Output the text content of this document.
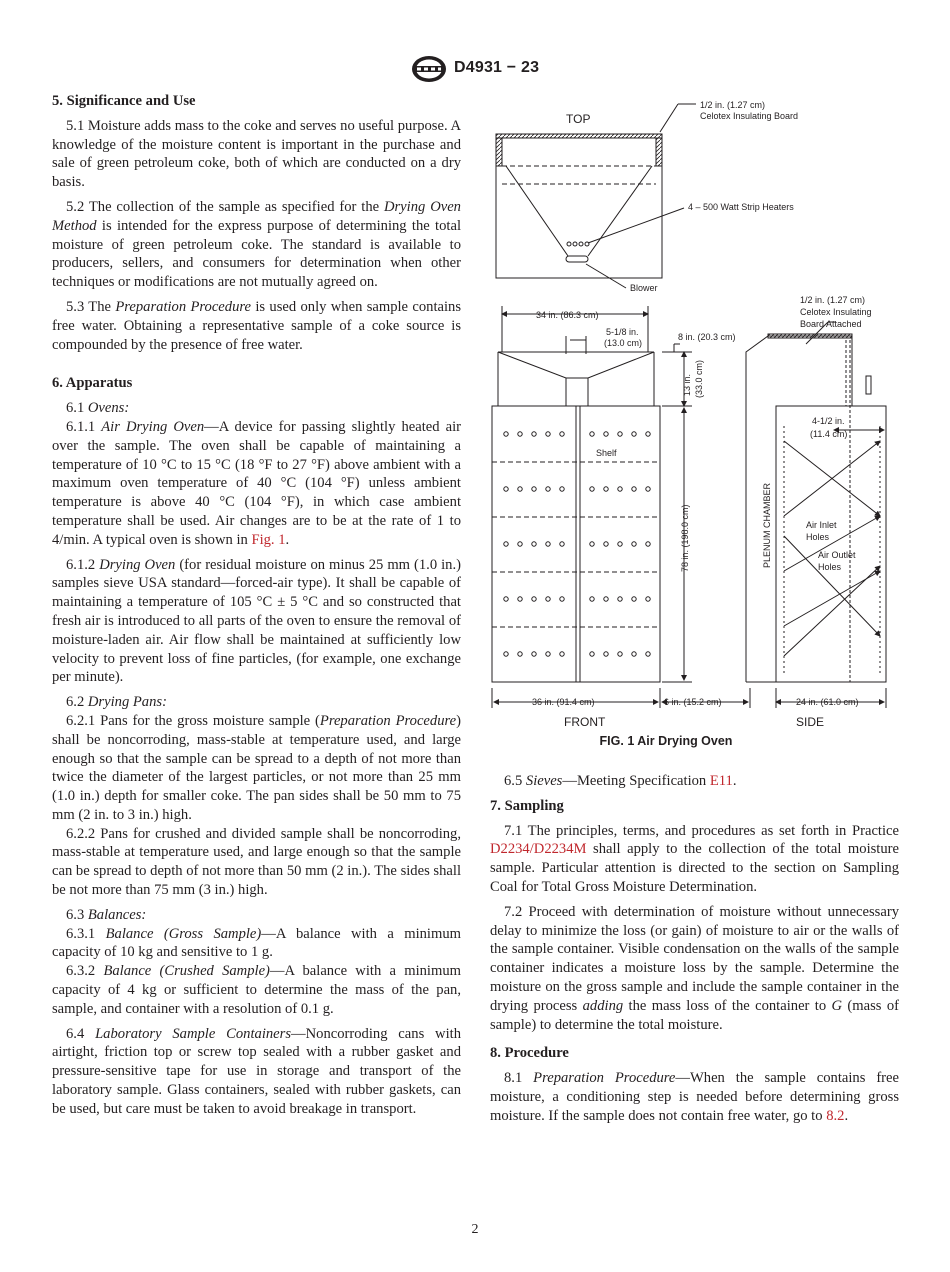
D4931 − 23
5. Significance and Use

5.1 Moisture adds mass to the coke and serves no useful purpose. A knowledge of the moisture content is important in the purchase and sale of green petroleum coke, both of which are conducted on a dry basis.

5.2 The collection of the sample as specified for the Drying Oven Method is intended for the express purpose of determining the total moisture of green petroleum coke. The standard is available to producers, sellers, and consumers for determination when other techniques or modifications are not mutually agreed on.

5.3 The Preparation Procedure is used only when sample contains free water. Obtaining a representative sample of a coke source is compounded by the presence of free water.

6. Apparatus

6.1 Ovens:

6.1.1 Air Drying Oven—A device for passing slightly heated air over the sample. The oven shall be capable of maintaining a temperature of 10 °C to 15 °C (18 °F to 27 °F) above ambient with a maximum oven temperature of 40 °C (104 °F) unless ambient temperature is above 40 °C (104 °F), in which case ambient temperature shall be used. Air changes are to be at the rate of 1 to 4/min. A typical oven is shown in Fig. 1.

6.1.2 Drying Oven (for residual moisture on minus 25 mm (1.0 in.) samples sieve USA standard—forced-air type). It shall be capable of maintaining a temperature of 105 °C ± 5 °C and so constructed that fresh air is introduced to all parts of the oven to ensure the removal of moisture-laden air. Air flow shall be maintained at sufficiently low velocity to prevent loss of fine particles, (for example, one exchange per minute).

6.2 Drying Pans:

6.2.1 Pans for the gross moisture sample (Preparation Procedure) shall be noncorroding, mass-stable at temperature used, and large enough so that the sample can be spread to a depth of not more than twice the diameter of the largest particles, or not more than 25 mm (1.0 in.) depth for smaller coke. The pan sides shall be 50 mm to 75 mm (2 in. to 3 in.) high.

6.2.2 Pans for crushed and divided sample shall be noncorroding, mass-stable at temperature used, and large enough so that the sample can be spread to depth of not more than 50 mm (2 in.). The sides shall be not more than 75 mm (3 in.) high.

6.3 Balances:

6.3.1 Balance (Gross Sample)—A balance with a minimum capacity of 10 kg and sensitive to 1 g.

6.3.2 Balance (Crushed Sample)—A balance with a minimum capacity of 4 kg or sufficient to determine the mass of the pan, sample, and container with a resolution of 0.1 g.

6.4 Laboratory Sample Containers—Noncorroding cans with airtight, friction top or screw top sealed with a rubber gasket and pressure-sensitive tape for use in storage and transport of the laboratory sample. Glass containers, sealed with rubber gaskets, can be used, but care must be taken to avoid breakage in transport.

TOP
1/2 in. (1.27 cm)
Celotex Insulating Board
4 – 500 Watt Strip Heaters
Blower
34 in. (86.3 cm)
5-1/8 in.
(13.0 cm)
8 in. (20.3 cm)
13 in. (33.0 cm)
78 in. (198.0 cm)
Shelf
36 in. (91.4 cm)	6 in. (15.2 cm)
FRONT
1/2 in. (1.27 cm)
Celotex Insulating
Board Attached
4-1/2 in.
(11.4 cm)
PLENUM CHAMBER	Air Inlet
Holes
Air Outlet
Holes
24 in. (61.0 cm)
SIDE
FIG. 1 Air Drying Oven

6.5 Sieves—Meeting Specification E11.

7. Sampling

7.1 The principles, terms, and procedures as set forth in Practice D2234/D2234M shall apply to the collection of the total moisture sample. Particular attention is directed to the section on Sampling Coal for Total Gross Moisture Determination.

7.2 Proceed with determination of moisture without unnecessary delay to minimize the loss (or gain) of moisture to air or the walls of the sample container. Visible condensation on the walls of the sample container indicates a moisture loss by the sample. Determine the moisture on the gross sample and include the sample container in the drying process adding the mass loss of the container to G (mass of sample) to determine the total moisture.

8. Procedure

8.1 Preparation Procedure—When the sample contains free moisture, a conditioning step is needed before determining gross moisture. If the sample does not contain free water, go to 8.2.

2
